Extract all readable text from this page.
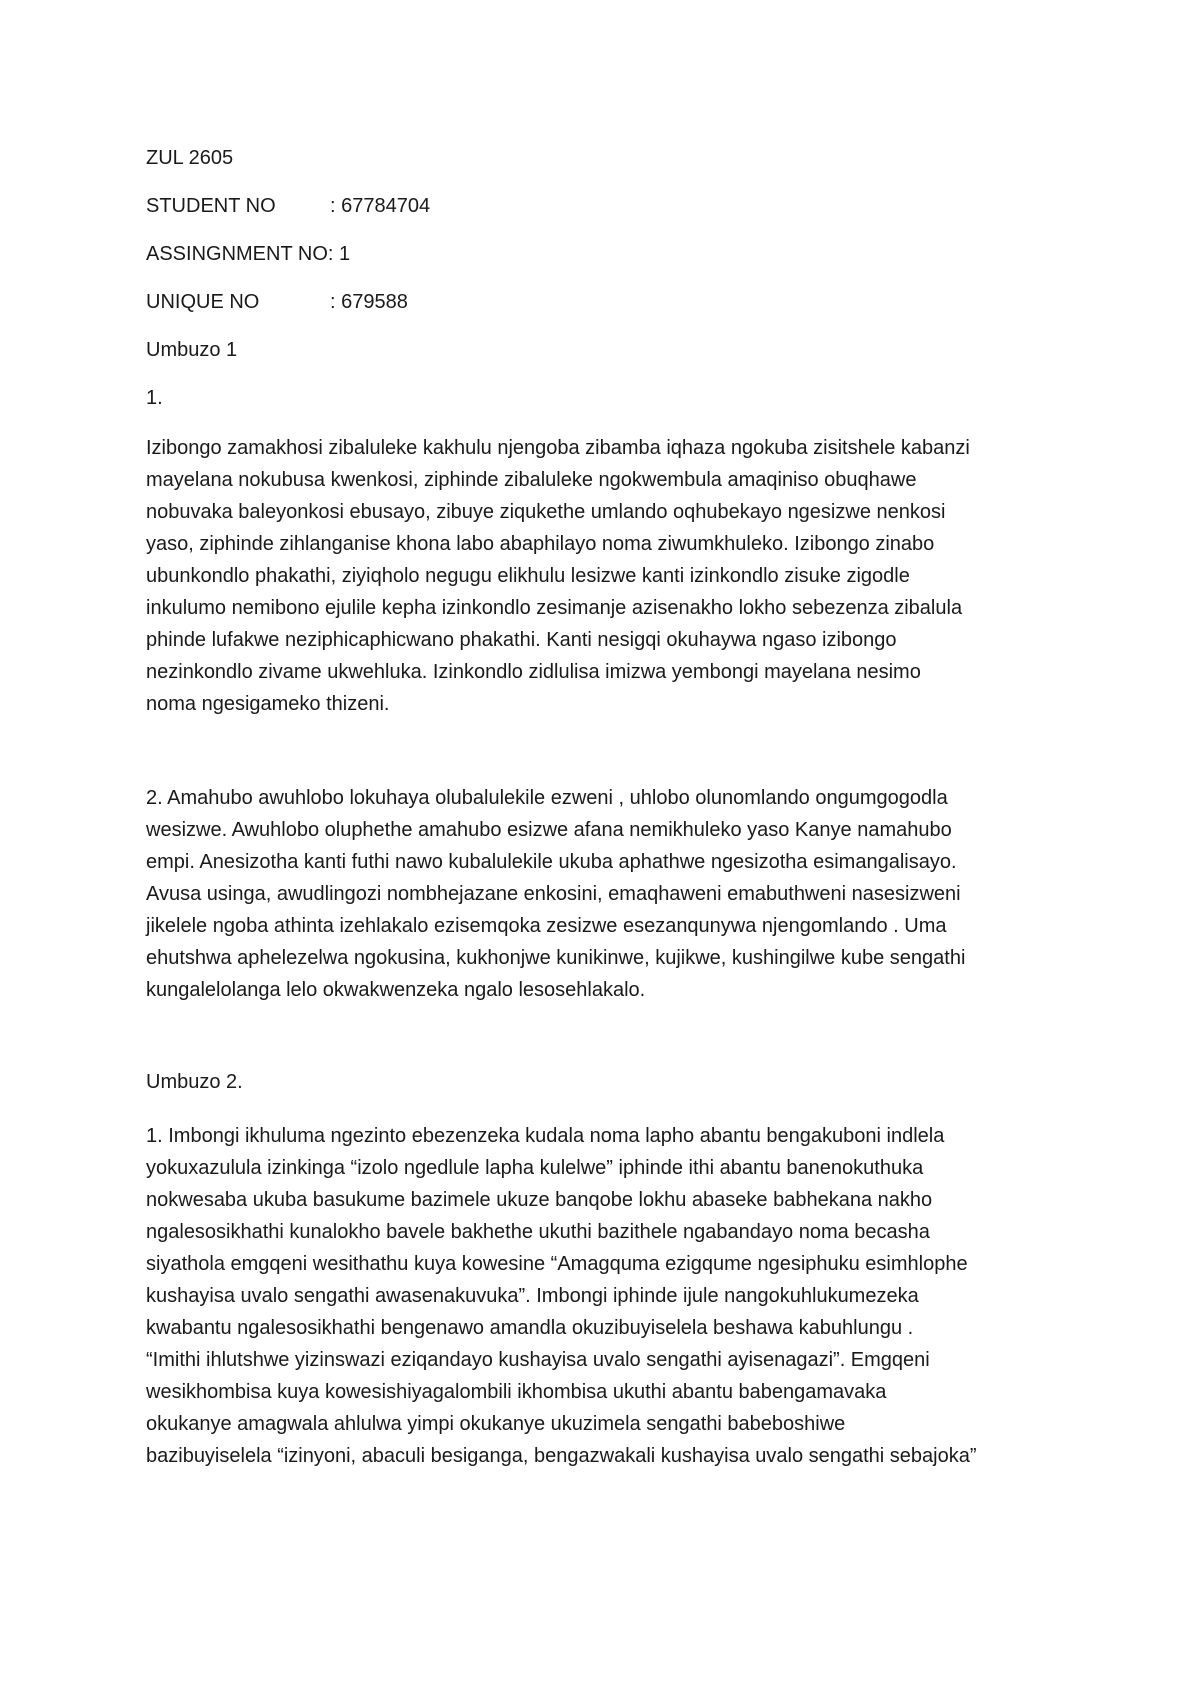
ZUL 2605
STUDENT NO	: 67784704
ASSINGNMENT NO : 1
UNIQUE NO	: 679588
Umbuzo 1
1.

Izibongo zamakhosi zibaluleke kakhulu njengoba zibamba iqhaza ngokuba zisitshele kabanzi
mayelana nokubusa kwenkosi, ziphinde zibaluleke ngokwembula amaqiniso obuqhawe
nobuvaka baleyonkosi ebusayo, zibuye ziqukethe umlando oqhubekayo ngesizwe nenkosi
yaso, ziphinde zihlanganise khona labo abaphilayo noma ziwumkhuleko. Izibongo zinabo
ubunkondlo phakathi, ziyiqholo negugu elikhulu lesizwe kanti izinkondlo zisuke zigodle
inkulumo nemibono ejulile kepha izinkondlo zesimanje azisenakho lokho sebezenza zibalula
phinde lufakwe neziphicaphicwano phakathi. Kanti nesigqi okuhaywa ngaso izibongo
nezinkondlo zivame ukwehluka. Izinkondlo zidlulisa imizwa yembongi mayelana nesimo
noma ngesigameko thizeni.

2. Amahubo awuhlobo lokuhaya olubalulekile ezweni , uhlobo olunomlando ongumgogodla
wesizwe. Awuhlobo oluphethe amahubo esizwe afana nemikhuleko yaso Kanye namahubo
empi. Anesizotha kanti futhi nawo kubalulekile ukuba aphathwe ngesizotha esimangalisayo.
Avusa usinga, awudlingozi nombhejazane enkosini, emaqhaweni emabuthweni nasesizweni
jikelele ngoba athinta izehlakalo ezisemqoka zesizwe esezanqunywa njengomlando . Uma
ehutshwa aphelezelwa ngokusina, kukhonjwe kunikinwe, kujikwe, kushingilwe kube sengathi
kungalelolanga lelo okwakwenzeka ngalo lesosehlakalo.

Umbuzo 2.

1. Imbongi ikhuluma ngezinto ebezenzeka kudala noma lapho abantu bengakuboni indlela
yokuxazulula izinkinga “izolo ngedlule lapha kulelwe” iphinde ithi abantu banenokuthuka
nokwesaba ukuba basukume bazimele ukuze banqobe lokhu abaseke babhekana nakho
ngalesosikhathi kunalokho bavele bakhethe ukuthi bazithele ngabandayo noma becasha
siyathola emgqeni wesithathu kuya kowesine “Amagquma ezigqume ngesiphuku esimhlophe
kushayisa uvalo sengathi awasenakuvuka”. Imbongi iphinde ijule nangokuhlukumezeka
kwabantu ngalesosikhathi bengenawo amandla okuzibuyiselela beshawa kabuhlungu .
“Imithi ihlutshwe yizinswazi eziqandayo kushayisa uvalo sengathi ayisenagazi”. Emgqeni
wesikhombisa kuya kowesishiyagalombili ikhombisa ukuthi abantu babengamavaka
okukanye amagwala ahlulwa yimpi okukanye ukuzimela sengathi babeboshiwe
bazibuyiselela “izinyoni, abaculi besiganga, bengazwakali kushayisa uvalo sengathi sebajoka”
